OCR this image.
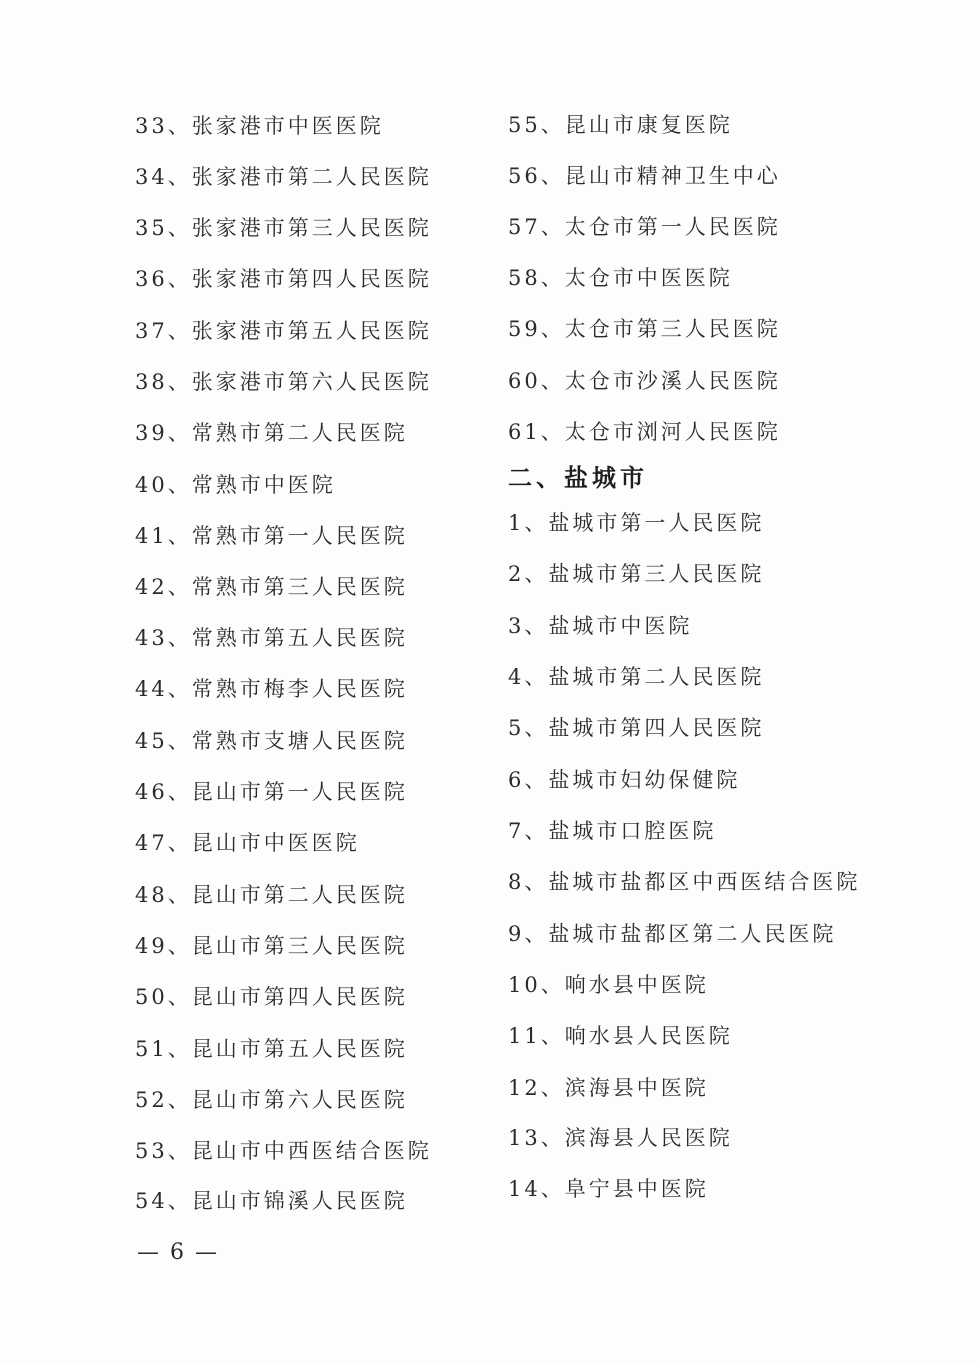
33、张家港市中医医院
34、张家港市第二人民医院
35、张家港市第三人民医院
36、张家港市第四人民医院
37、张家港市第五人民医院
38、张家港市第六人民医院
39、常熟市第二人民医院
40、常熟市中医院
41、常熟市第一人民医院
42、常熟市第三人民医院
43、常熟市第五人民医院
44、常熟市梅李人民医院
45、常熟市支塘人民医院
46、昆山市第一人民医院
47、昆山市中医医院
48、昆山市第二人民医院
49、昆山市第三人民医院
50、昆山市第四人民医院
51、昆山市第五人民医院
52、昆山市第六人民医院
53、昆山市中西医结合医院
54、昆山市锦溪人民医院
55、昆山市康复医院
56、昆山市精神卫生中心
57、太仓市第一人民医院
58、太仓市中医医院
59、太仓市第三人民医院
60、太仓市沙溪人民医院
61、太仓市浏河人民医院
二、盐城市
1、盐城市第一人民医院
2、盐城市第三人民医院
3、盐城市中医院
4、盐城市第二人民医院
5、盐城市第四人民医院
6、盐城市妇幼保健院
7、盐城市口腔医院
8、盐城市盐都区中西医结合医院
9、盐城市盐都区第二人民医院
10、响水县中医院
11、响水县人民医院
12、滨海县中医院
13、滨海县人民医院
14、阜宁县中医院
— 6 —
